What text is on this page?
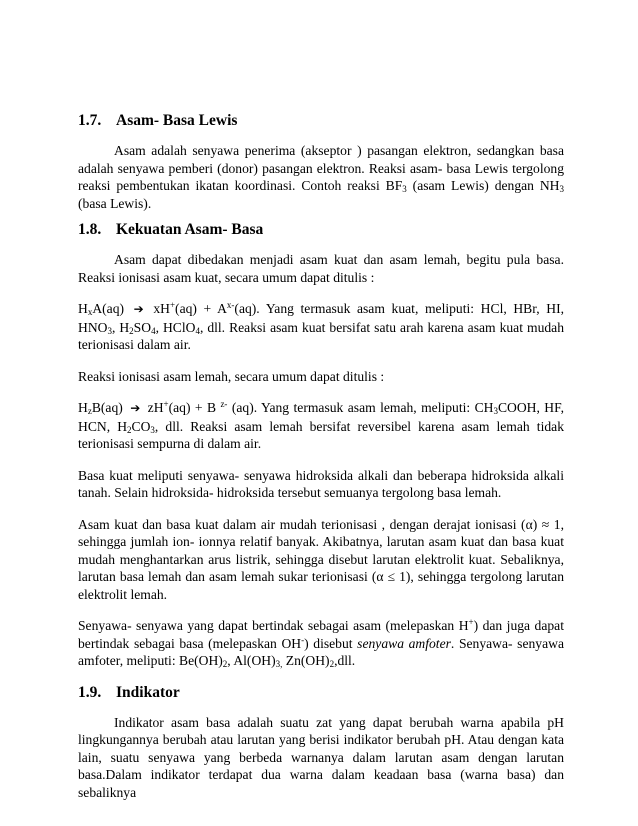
1.7. Asam- Basa Lewis

Asam adalah senyawa penerima (akseptor ) pasangan elektron, sedangkan basa adalah senyawa pemberi (donor) pasangan elektron. Reaksi asam- basa Lewis tergolong reaksi pembentukan ikatan koordinasi. Contoh reaksi $BF_3$ (asam Lewis) dengan $NH_3$ (basa Lewis).

1.8. Kekuatan Asam- Basa

Asam dapat dibedakan menjadi asam kuat dan asam lemah, begitu pula basa. Reaksi ionisasi asam kuat, secara umum dapat ditulis :

$H_xA(aq)$ ➔ $xH^+(aq) + A^{x-}(aq)$. Yang termasuk asam kuat, meliputi: HCl, HBr, HI, $HNO_3$, $H_2SO_4$, HClO$_4$, dll. Reaksi asam kuat bersifat satu arah karena asam kuat mudah terionisasi dalam air.

Reaksi ionisasi asam lemah, secara umum dapat ditulis :

$H_zB(aq)$ ➔ zH+(aq) + B $^{z-}$ (aq). Yang termasuk asam lemah, meliputi: $CH_3COOH$, HF, HCN, $H_2CO_3$, dll. Reaksi asam lemah bersifat reversibel karena asam lemah tidak terionisasi sempurna di dalam air.

Basa kuat meliputi senyawa- senyawa hidroksida alkali dan beberapa hidroksida alkali tanah. Selain hidroksida- hidroksida tersebut semuanya tergolong basa lemah.

Asam kuat dan basa kuat dalam air mudah terionisasi , dengan derajat ionisasi (α) ≈ 1, sehingga jumlah ion- ionnya relatif banyak. Akibatnya, larutan asam kuat dan basa kuat mudah menghantarkan arus listrik, sehingga disebut larutan elektrolit kuat. Sebaliknya, larutan basa lemah dan asam lemah sukar terionisasi (α ≤ 1), sehingga tergolong larutan elektrolit lemah.

Senyawa- senyawa yang dapat bertindak sebagai asam (melepaskan H+) dan juga dapat bertindak sebagai basa (melepaskan OH-) disebut senyawa amfoter. Senyawa- senyawa amfoter, meliputi: $Be(OH)_2$, $Al(OH)_{3,}$ $Zn(OH)_2,dll$.

1.9. Indikator

Indikator asam basa adalah suatu zat yang dapat berubah warna apabila pH lingkungannya berubah atau larutan yang berisi indikator berubah pH. Atau dengan kata lain, suatu senyawa yang berbeda warnanya dalam larutan asam dengan larutan basa.Dalam indikator terdapat dua warna dalam keadaan basa (warna basa) dan sebaliknya
